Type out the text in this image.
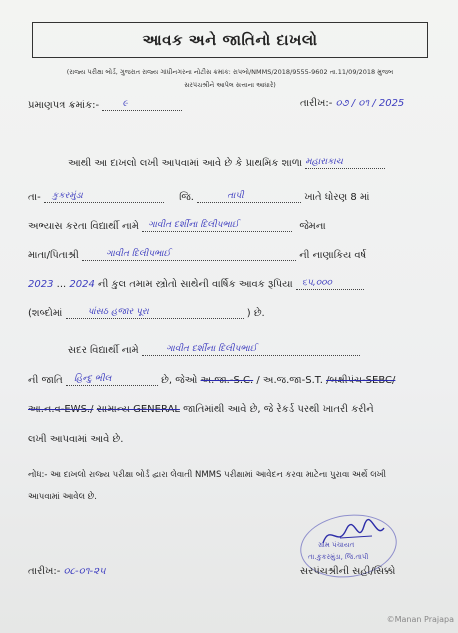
આવક અને જાતિનો દાખલો
(રાજ્ય પરીક્ષા બોર્ડ, ગુજરાત રાજ્ય ગાંધીનગરના નોટીસ ક્રમાંક: રાપબો/NMMS/2018/9555-9602 તા.11/09/2018 મુજબ
સરપંચશ્રીને આપેલ સત્તાના આધારે)
પ્રમાણપત્ર ક્રમાંક:-	૯	તારીખ:- ૦૭ / ૦૧ / 2025
આથી આ દાખલો લખી આપવામાં આવે છે કે પ્રાથમિક શાળા મહારાકાચ
તા- કુકરમુંડા	જિ.	તાપી	ખાતે ધોરણ 8 માં
અભ્યાસ કરતા વિદ્યાર્થી નામે ગાવીત દર્શીના દિલીપભાઈ	જેમના
માતા/પિતાશ્રી	ગાવીત દિલીપભાઈ	ની નાણાકિય વર્ષ
2023 ... 2024 ની કુલ તમામ સ્ત્રોતો સાથેની વાર્ષિક આવક રૂપિયા ૬૫,૦૦૦
(શબ્દોમાં	પાંસઠ હજાર પૂરા	) છે.
સદર વિદ્યાર્થી નામે	ગાવીત દર્શીના દિલીપભાઈ
ની જાતિ હિન્દુ ભીલ	છે, જેઓ અ.જા.-S.C. / અ.જ.જા-S.T. /બક્ષીપંચ-SEBC/
આ.ન.વ-EWS./ સામાન્ય GENERAL જાતિમાંથી આવે છે, જે રેકર્ડ પરથી ખાતરી કરીને
લખી આપવામાં આવે છે.
નોંધ:- આ દાખલો રાજ્ય પરીક્ષા બોર્ડ દ્વારા લેવાતી NMMS પરીક્ષામાં આવેદન કરવા માટેના પુરાવા અર્થે લખી
આપવામાં આવેલ છે.
ગ્રામ પંચાયત
તા.કુકરમુંડા, જિ.તાપી
તારીખ:- ૦૮-૦૧-૨૫	સરપંચશ્રીની સહી/સિક્કો
©Manan Prajapa
